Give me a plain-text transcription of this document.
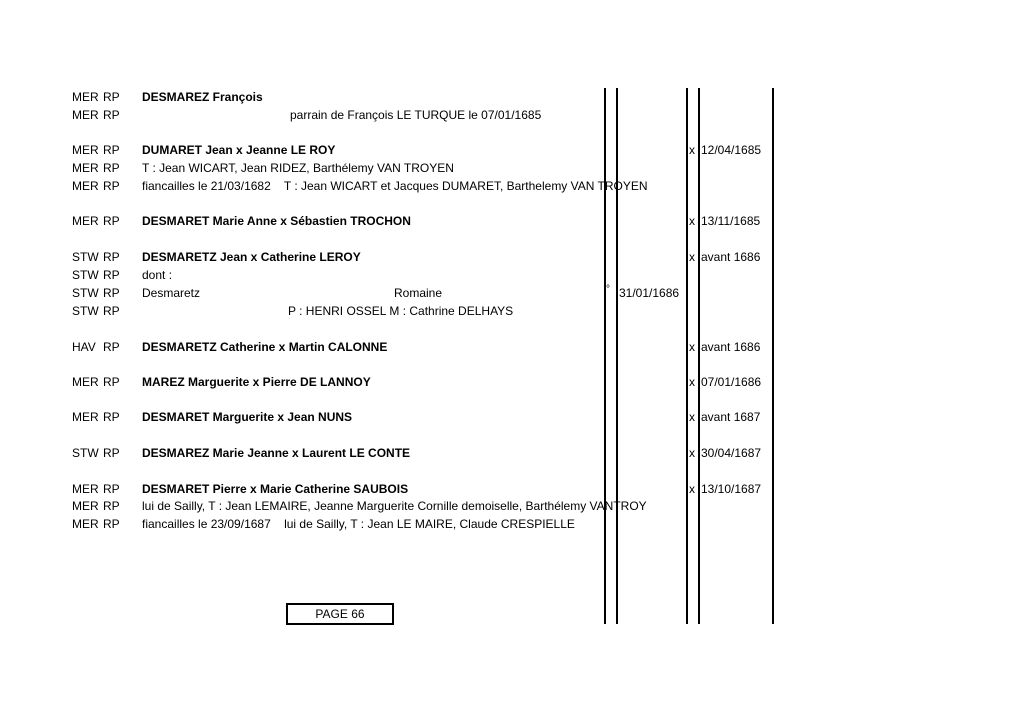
MER RP DESMAREZ François
MER RP	parrain de François LE TURQUE le 07/01/1685
MER RP DUMARET Jean x Jeanne LE ROY	x 12/04/1685
MER RP T : Jean WICART, Jean RIDEZ, Barthélemy VAN TROYEN
MER RP fiancailles le 21/03/1682    T : Jean WICART et Jacques DUMARET, Barthelemy VAN TROYEN
MER RP DESMARET Marie Anne x Sébastien TROCHON	x 13/11/1685
STW RP DESMARETZ Jean x Catherine LEROY	x avant 1686
STW RP dont :
STW RP Desmaretz	Romaine	° 31/01/1686
STW RP	P : HENRI OSSEL M : Cathrine DELHAYS
HAV RP DESMARETZ Catherine x Martin CALONNE	x avant 1686
MER RP MAREZ Marguerite x Pierre DE LANNOY	x 07/01/1686
MER RP DESMARET Marguerite x Jean NUNS	x avant 1687
STW RP DESMAREZ Marie Jeanne x Laurent LE CONTE	x 30/04/1687
MER RP DESMARET Pierre x Marie Catherine SAUBOIS	x 13/10/1687
MER RP lui de Sailly, T : Jean LEMAIRE, Jeanne Marguerite Cornille demoiselle, Barthélemy VANTROY
MER RP fiancailles le 23/09/1687    lui de Sailly, T : Jean LE MAIRE, Claude CRESPIELLE
PAGE 66
